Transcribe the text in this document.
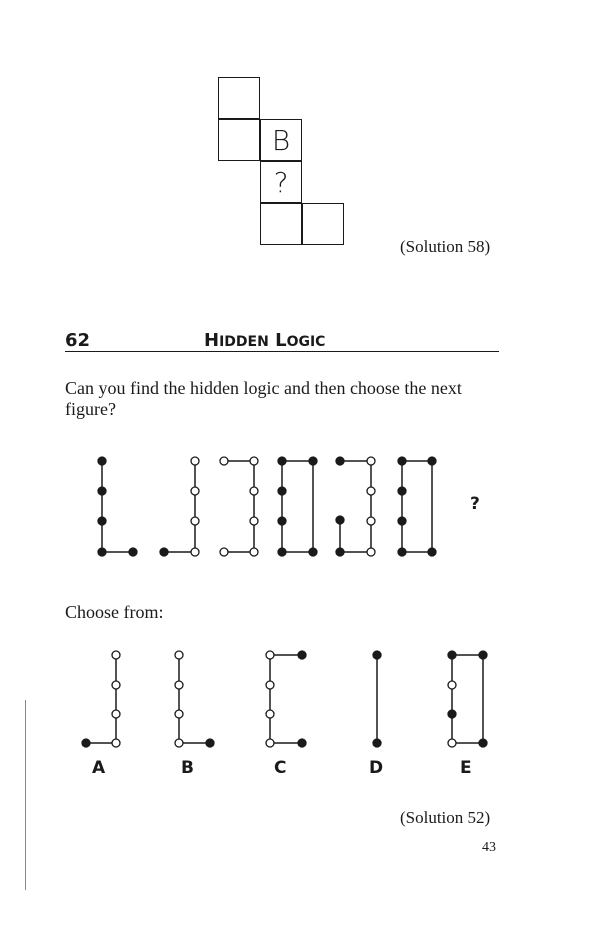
B
?
(Solution 58)
62	HIDDEN LOGIC
Can you find the hidden logic and then choose the next figure?
?
Choose from:
A	B	C	D	E
(Solution 52)
43
